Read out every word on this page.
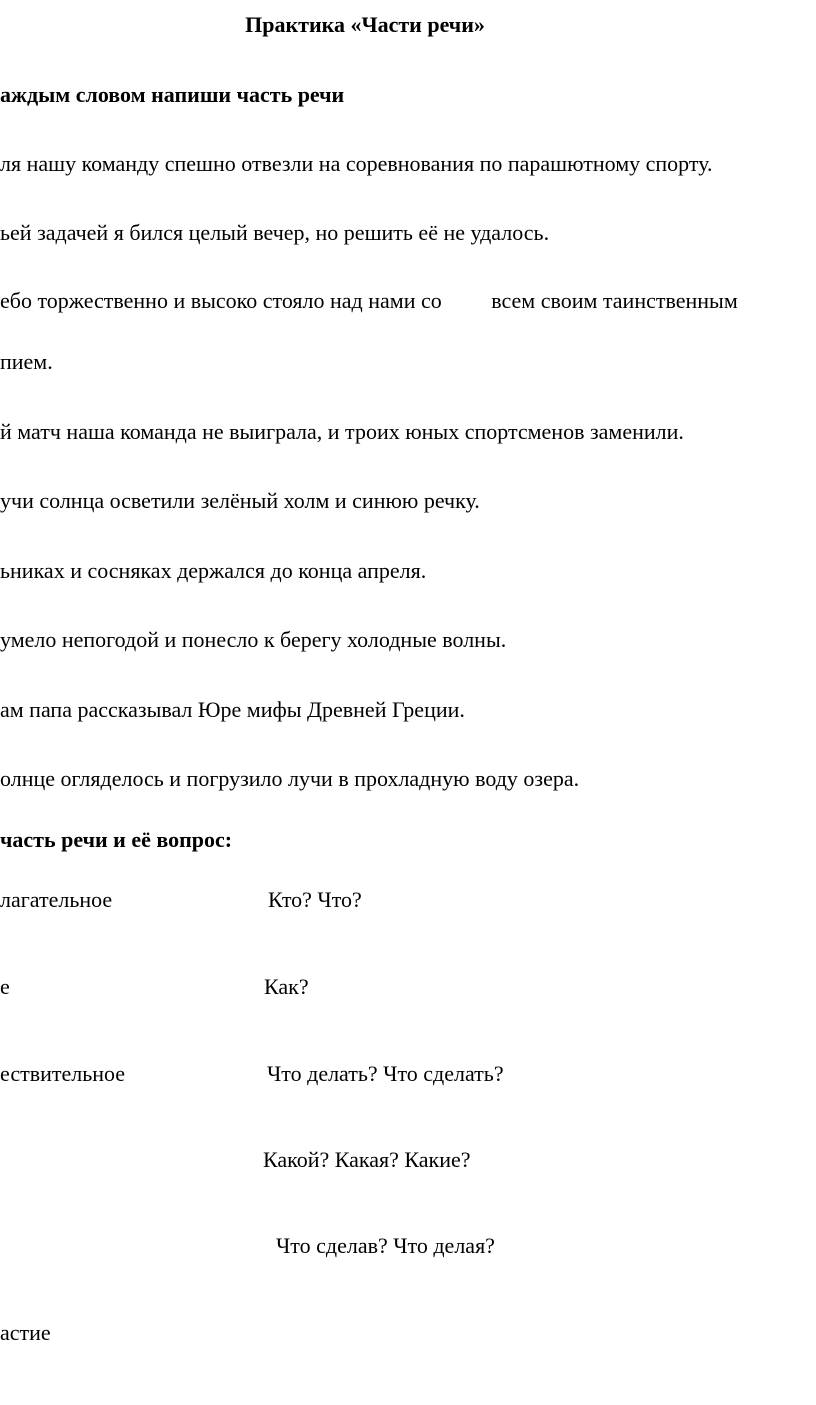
Практика «Части речи»
аждым словом напиши часть речи
ля нашу команду спешно отвезли на соревнования по парашютному спорту.
ьей задачей я бился целый вечер, но решить её не удалось.
ебо торжественно и высоко стояло над нами со         всем своим таинственным
пием.
й матч наша команда не выиграла, и троих юных спортсменов заменили.
учи солнца осветили зелёный холм и синюю речку.
ьниках и сосняках держался до конца апреля.
умело непогодой и понесло к берегу холодные волны.
ам папа рассказывал Юре мифы Древней Греции.
олнце огляделось и погрузило лучи в прохладную воду озера.
часть речи и её вопрос:
лагательное
е
ествительное
астие
Кто? Что?
Как?
Что делать? Что сделать?
Какой? Какая? Какие?
Что сделав? Что делая?
